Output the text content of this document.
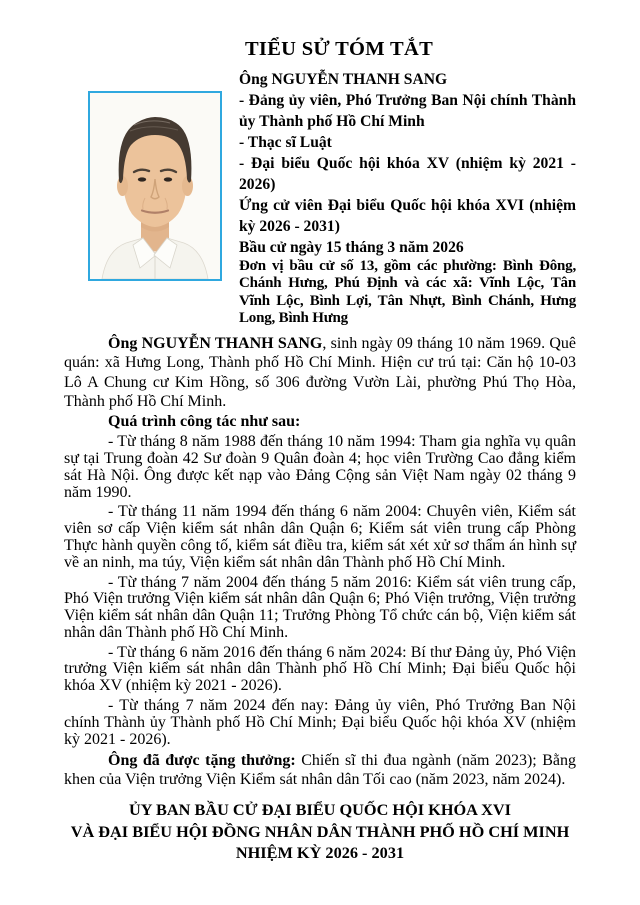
TIỂU SỬ TÓM TẮT

Ông NGUYỄN THANH SANG

- Đảng ủy viên, Phó Trưởng Ban Nội chính Thành ủy Thành phố Hồ Chí Minh

- Thạc sĩ Luật

- Đại biểu Quốc hội khóa XV (nhiệm kỳ 2021 - 2026)

Ứng cử viên Đại biểu Quốc hội khóa XVI (nhiệm kỳ 2026 - 2031)

Bầu cử ngày 15 tháng 3 năm 2026

Đơn vị bầu cử số 13, gồm các phường: Bình Đông, Chánh Hưng, Phú Định và các xã: Vĩnh Lộc, Tân Vĩnh Lộc, Bình Lợi, Tân Nhựt, Bình Chánh, Hưng Long, Bình Hưng

Ông NGUYỄN THANH SANG, sinh ngày 09 tháng 10 năm 1969. Quê quán: xã Hưng Long, Thành phố Hồ Chí Minh. Hiện cư trú tại: Căn hộ 10-03 Lô A Chung cư Kim Hồng, số 306 đường Vườn Lài, phường Phú Thọ Hòa, Thành phố Hồ Chí Minh.

Quá trình công tác như sau:

- Từ tháng 8 năm 1988 đến tháng 10 năm 1994: Tham gia nghĩa vụ quân sự tại Trung đoàn 42 Sư đoàn 9 Quân đoàn 4; học viên Trường Cao đẳng kiểm sát Hà Nội. Ông được kết nạp vào Đảng Cộng sản Việt Nam ngày 02 tháng 9 năm 1990.

- Từ tháng 11 năm 1994 đến tháng 6 năm 2004: Chuyên viên, Kiểm sát viên sơ cấp Viện kiểm sát nhân dân Quận 6; Kiểm sát viên trung cấp Phòng Thực hành quyền công tố, kiểm sát điều tra, kiểm sát xét xử sơ thẩm án hình sự về an ninh, ma túy, Viện kiểm sát nhân dân Thành phố Hồ Chí Minh.

- Từ tháng 7 năm 2004 đến tháng 5 năm 2016: Kiểm sát viên trung cấp, Phó Viện trưởng Viện kiểm sát nhân dân Quận 6; Phó Viện trưởng, Viện trưởng Viện kiểm sát nhân dân Quận 11; Trưởng Phòng Tổ chức cán bộ, Viện kiểm sát nhân dân Thành phố Hồ Chí Minh.

- Từ tháng 6 năm 2016 đến tháng 6 năm 2024: Bí thư Đảng ủy, Phó Viện trưởng Viện kiểm sát nhân dân Thành phố Hồ Chí Minh; Đại biểu Quốc hội khóa XV (nhiệm kỳ 2021 - 2026).

- Từ tháng 7 năm 2024 đến nay: Đảng ủy viên, Phó Trưởng Ban Nội chính Thành ủy Thành phố Hồ Chí Minh; Đại biểu Quốc hội khóa XV (nhiệm kỳ 2021 - 2026).

Ông đã được tặng thưởng: Chiến sĩ thi đua ngành (năm 2023); Bằng khen của Viện trưởng Viện Kiểm sát nhân dân Tối cao (năm 2023, năm 2024).

ỦY BAN BẦU CỬ ĐẠI BIỂU QUỐC HỘI KHÓA XVI

VÀ ĐẠI BIỂU HỘI ĐỒNG NHÂN DÂN THÀNH PHỐ HỒ CHÍ MINH

NHIỆM KỲ 2026 - 2031
